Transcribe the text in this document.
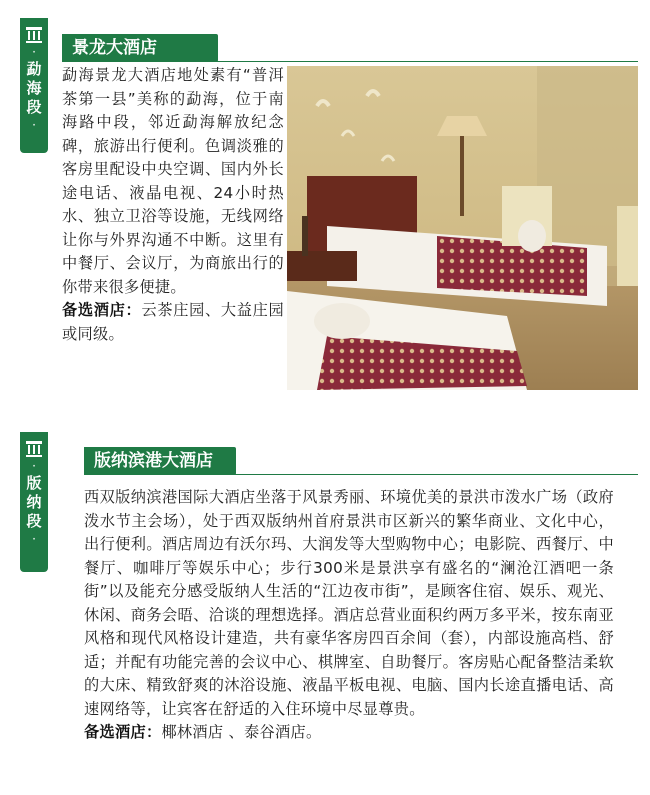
·
勐海段
·
景龙大酒店

勐海景龙大酒店地处素有“普洱茶第一县”美称的勐海，位于南海路中段，邻近勐海解放纪念碑，旅游出行便利。色调淡雅的客房里配设中央空调、国内外长途电话、液晶电视、24小时热水、独立卫浴等设施，无线网络让你与外界沟通不中断。这里有中餐厅、会议厅，为商旅出行的你带来很多便捷。

备选酒店：云茶庄园、大益庄园或同级。

·
版纳段
·
版纳滨港大酒店

西双版纳滨港国际大酒店坐落于风景秀丽、环境优美的景洪市泼水广场（政府泼水节主会场），处于西双版纳州首府景洪市区新兴的繁华商业、文化中心，出行便利。酒店周边有沃尔玛、大润发等大型购物中心；电影院、西餐厅、中餐厅、咖啡厅等娱乐中心；步行300米是景洪享有盛名的“澜沧江酒吧一条街”以及能充分感受版纳人生活的“江边夜市街”，是顾客住宿、娱乐、观光、休闲、商务会晤、洽谈的理想选择。酒店总营业面积约两万多平米，按东南亚风格和现代风格设计建造，共有豪华客房四百余间（套），内部设施高档、舒适；并配有功能完善的会议中心、棋牌室、自助餐厅。客房贴心配备整洁柔软的大床、精致舒爽的沐浴设施、液晶平板电视、电脑、国内长途直播电话、高速网络等，让宾客在舒适的入住环境中尽显尊贵。

备选酒店：椰林酒店 、泰谷酒店。
